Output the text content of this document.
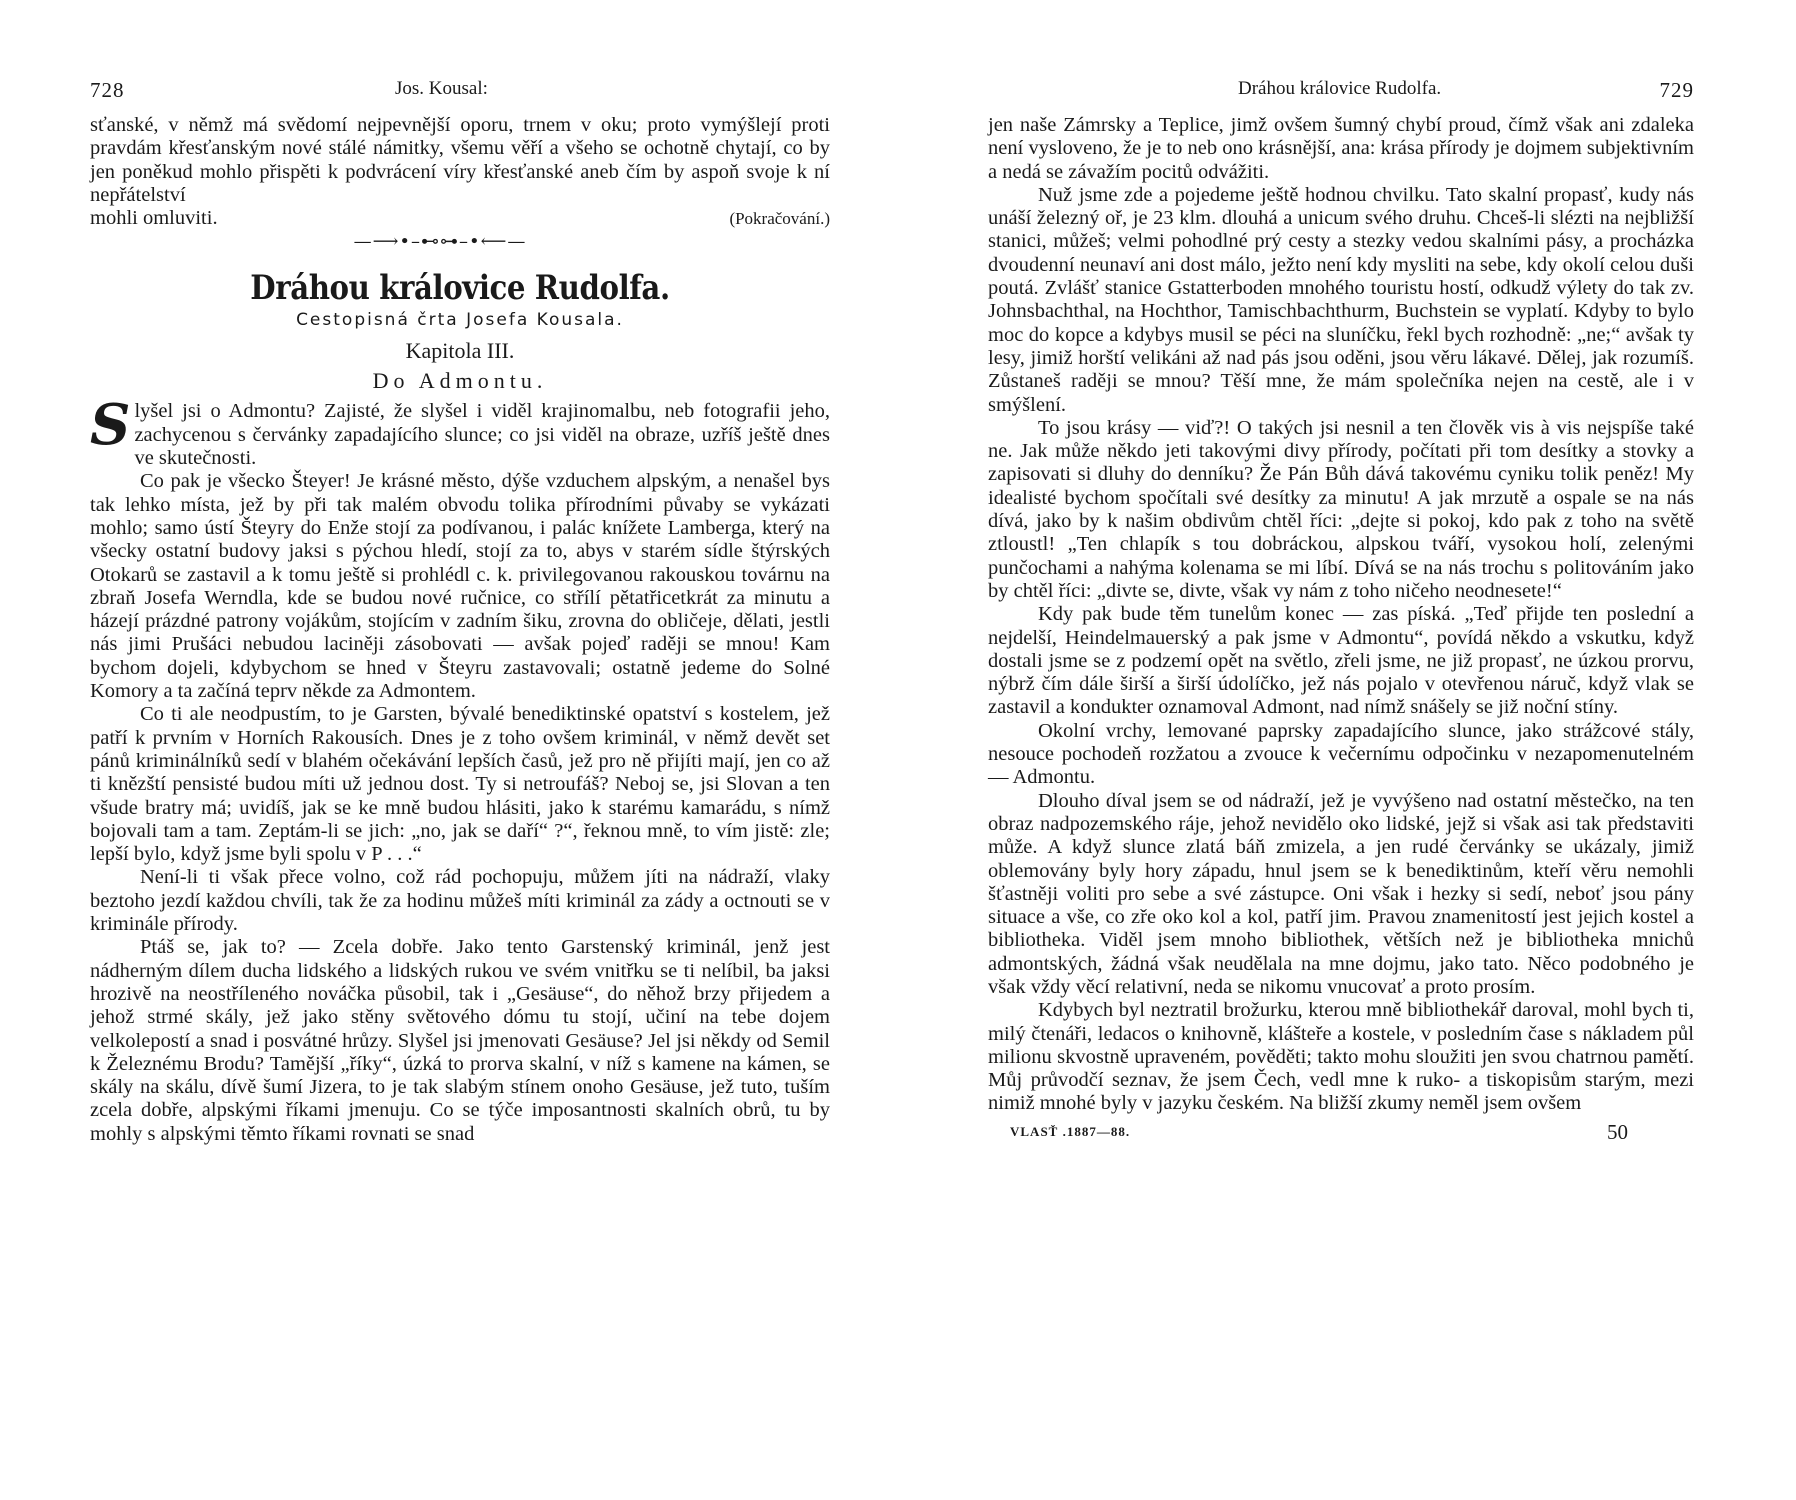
728	Jos. Kousal:

sťanské, v němž má svědomí nejpevnější oporu, trnem v oku; proto vymýšlejí proti pravdám křesťanským nové stálé námitky, všemu věří a všeho se ochotně chytají, co by jen poněkud mohlo přispěti k podvrácení víry křesťanské aneb čím by aspoň svoje k ní nepřátelství

mohli omluviti.	(Pokračování.)
—⟶•–⊷⊶–•⟵—
Dráhou královice Rudolfa.
Cestopisná črta Josefa Kousala.
Kapitola III.
Do Admontu.

Slyšel jsi o Admontu? Zajisté, že slyšel i viděl krajinomalbu, neb fotografii jeho, zachycenou s červánky zapadajícího slunce; co jsi viděl na obraze, uzříš ještě dnes ve skutečnosti.

Co pak je všecko Šteyer! Je krásné město, dýše vzduchem alpským, a nenašel bys tak lehko místa, jež by při tak malém obvodu tolika přírodními půvaby se vykázati mohlo; samo ústí Šteyry do Enže stojí za podívanou, i palác knížete Lamberga, který na všecky ostatní budovy jaksi s pýchou hledí, stojí za to, abys v starém sídle štýrských Otokarů se zastavil a k tomu ještě si prohlédl c. k. privilegovanou rakouskou továrnu na zbraň Josefa Werndla, kde se budou nové ručnice, co střílí pětatřicetkrát za minutu a házejí prázdné patrony vojákům, stojícím v zadním šiku, zrovna do obličeje, dělati, jestli nás jimi Prušáci nebudou laciněji zásobovati — avšak pojeď raději se mnou! Kam bychom dojeli, kdybychom se hned v Šteyru zastavovali; ostatně jedeme do Solné Komory a ta začíná teprv někde za Admontem.

Co ti ale neodpustím, to je Garsten, bývalé benediktinské opatství s kostelem, jež patří k prvním v Horních Rakousích. Dnes je z toho ovšem kriminál, v němž devět set pánů kriminálníků sedí v blahém očekávání lepších časů, jež pro ně přijíti mají, jen co až ti knězští pensisté budou míti už jednou dost. Ty si netroufáš? Neboj se, jsi Slovan a ten všude bratry má; uvidíš, jak se ke mně budou hlásiti, jako k starému kamarádu, s nímž bojovali tam a tam. Zeptám-li se jich: „no, jak se daří“ ?“, řeknou mně, to vím jistě: zle; lepší bylo, když jsme byli spolu v P . . .“

Není-li ti však přece volno, což rád pochopuju, můžem jíti na nádraží, vlaky beztoho jezdí každou chvíli, tak že za hodinu můžeš míti kriminál za zády a octnouti se v kriminále přírody.

Ptáš se, jak to? — Zcela dobře. Jako tento Garstenský kriminál, jenž jest nádherným dílem ducha lidského a lidských rukou ve svém vnitřku se ti nelíbil, ba jaksi hrozivě na neostříleného nováčka působil, tak i „Gesäuse“, do něhož brzy přijedem a jehož strmé skály, jež jako stěny světového dómu tu stojí, učiní na tebe dojem velkolepostí a snad i posvátné hrůzy. Slyšel jsi jmenovati Gesäuse? Jel jsi někdy od Semil k Železnému Brodu? Tamější „říky“, úzká to prorva skalní, v níž s kamene na kámen, se skály na skálu, dívě šumí Jizera, to je tak slabým stínem onoho Gesäuse, jež tuto, tuším zcela dobře, alpskými říkami jmenuju. Co se týče imposantnosti skalních obrů, tu by mohly s alpskými těmto říkami rovnati se snad

Dráhou královice Rudolfa.	729

jen naše Zámrsky a Teplice, jimž ovšem šumný chybí proud, čímž však ani zdaleka není vysloveno, že je to neb ono krásnější, ana: krása přírody je dojmem subjektivním a nedá se závažím pocitů odvážiti.

Nuž jsme zde a pojedeme ještě hodnou chvilku. Tato skalní propasť, kudy nás unáší železný oř, je 23 klm. dlouhá a unicum svého druhu. Chceš-li slézti na nejbližší stanici, můžeš; velmi pohodlné prý cesty a stezky vedou skalními pásy, a procházka dvoudenní neunaví ani dost málo, ježto není kdy mysliti na sebe, kdy okolí celou duši poutá. Zvlášť stanice Gstatterboden mnohého touristu hostí, odkudž výlety do tak zv. Johnsbachthal, na Hochthor, Tamischbachthurm, Buchstein se vyplatí. Kdyby to bylo moc do kopce a kdybys musil se péci na sluníčku, řekl bych rozhodně: „ne;“ avšak ty lesy, jimiž horští velikáni až nad pás jsou oděni, jsou věru lákavé. Dělej, jak rozumíš. Zůstaneš raději se mnou? Těší mne, že mám společníka nejen na cestě, ale i v smýšlení.

To jsou krásy — viď?! O takých jsi nesnil a ten člověk vis à vis nejspíše také ne. Jak může někdo jeti takovými divy přírody, počítati při tom desítky a stovky a zapisovati si dluhy do denníku? Že Pán Bůh dává takovému cyniku tolik peněz! My idealisté bychom spočítali své desítky za minutu! A jak mrzutě a ospale se na nás dívá, jako by k našim obdivům chtěl říci: „dejte si pokoj, kdo pak z toho na světě ztloustl! „Ten chlapík s tou dobráckou, alpskou tváří, vysokou holí, zelenými punčochami a nahýma kolenama se mi líbí. Dívá se na nás trochu s politováním jako by chtěl říci: „divte se, divte, však vy nám z toho ničeho neodnesete!“

Kdy pak bude těm tunelům konec — zas píská. „Teď přijde ten poslední a nejdelší, Heindelmauerský a pak jsme v Admontu“, povídá někdo a vskutku, když dostali jsme se z podzemí opět na světlo, zřeli jsme, ne již propasť, ne úzkou prorvu, nýbrž čím dále širší a širší údolíčko, jež nás pojalo v otevřenou náruč, když vlak se zastavil a kondukter oznamoval Admont, nad nímž snášely se již noční stíny.

Okolní vrchy, lemované paprsky zapadajícího slunce, jako strážcové stály, nesouce pochodeň rozžatou a zvouce k večernímu odpočinku v nezapomenutelném — Admontu.

Dlouho díval jsem se od nádraží, jež je vyvýšeno nad ostatní městečko, na ten obraz nadpozemského ráje, jehož nevidělo oko lidské, jejž si však asi tak představiti může. A když slunce zlatá báň zmizela, a jen rudé červánky se ukázaly, jimiž oblemovány byly hory západu, hnul jsem se k benediktinům, kteří věru nemohli šťastněji voliti pro sebe a své zástupce. Oni však i hezky si sedí, neboť jsou pány situace a vše, co zře oko kol a kol, patří jim. Pravou znamenitostí jest jejich kostel a bibliotheka. Viděl jsem mnoho bibliothek, větších než je bibliotheka mnichů admontských, žádná však neudělala na mne dojmu, jako tato. Něco podobného je však vždy věcí relativní, neda se nikomu vnucovať a proto prosím.

Kdybych byl neztratil brožurku, kterou mně bibliothekář daroval, mohl bych ti, milý čtenáři, ledacos o knihovně, klášteře a kostele, v posledním čase s nákladem půl milionu skvostně upraveném, pověděti; takto mohu sloužiti jen svou chatrnou pamětí. Můj průvodčí seznav, že jsem Čech, vedl mne k ruko- a tiskopisům starým, mezi nimiž mnohé byly v jazyku českém. Na bližší zkumy neměl jsem ovšem

VLASŤ .1887—88.	50
